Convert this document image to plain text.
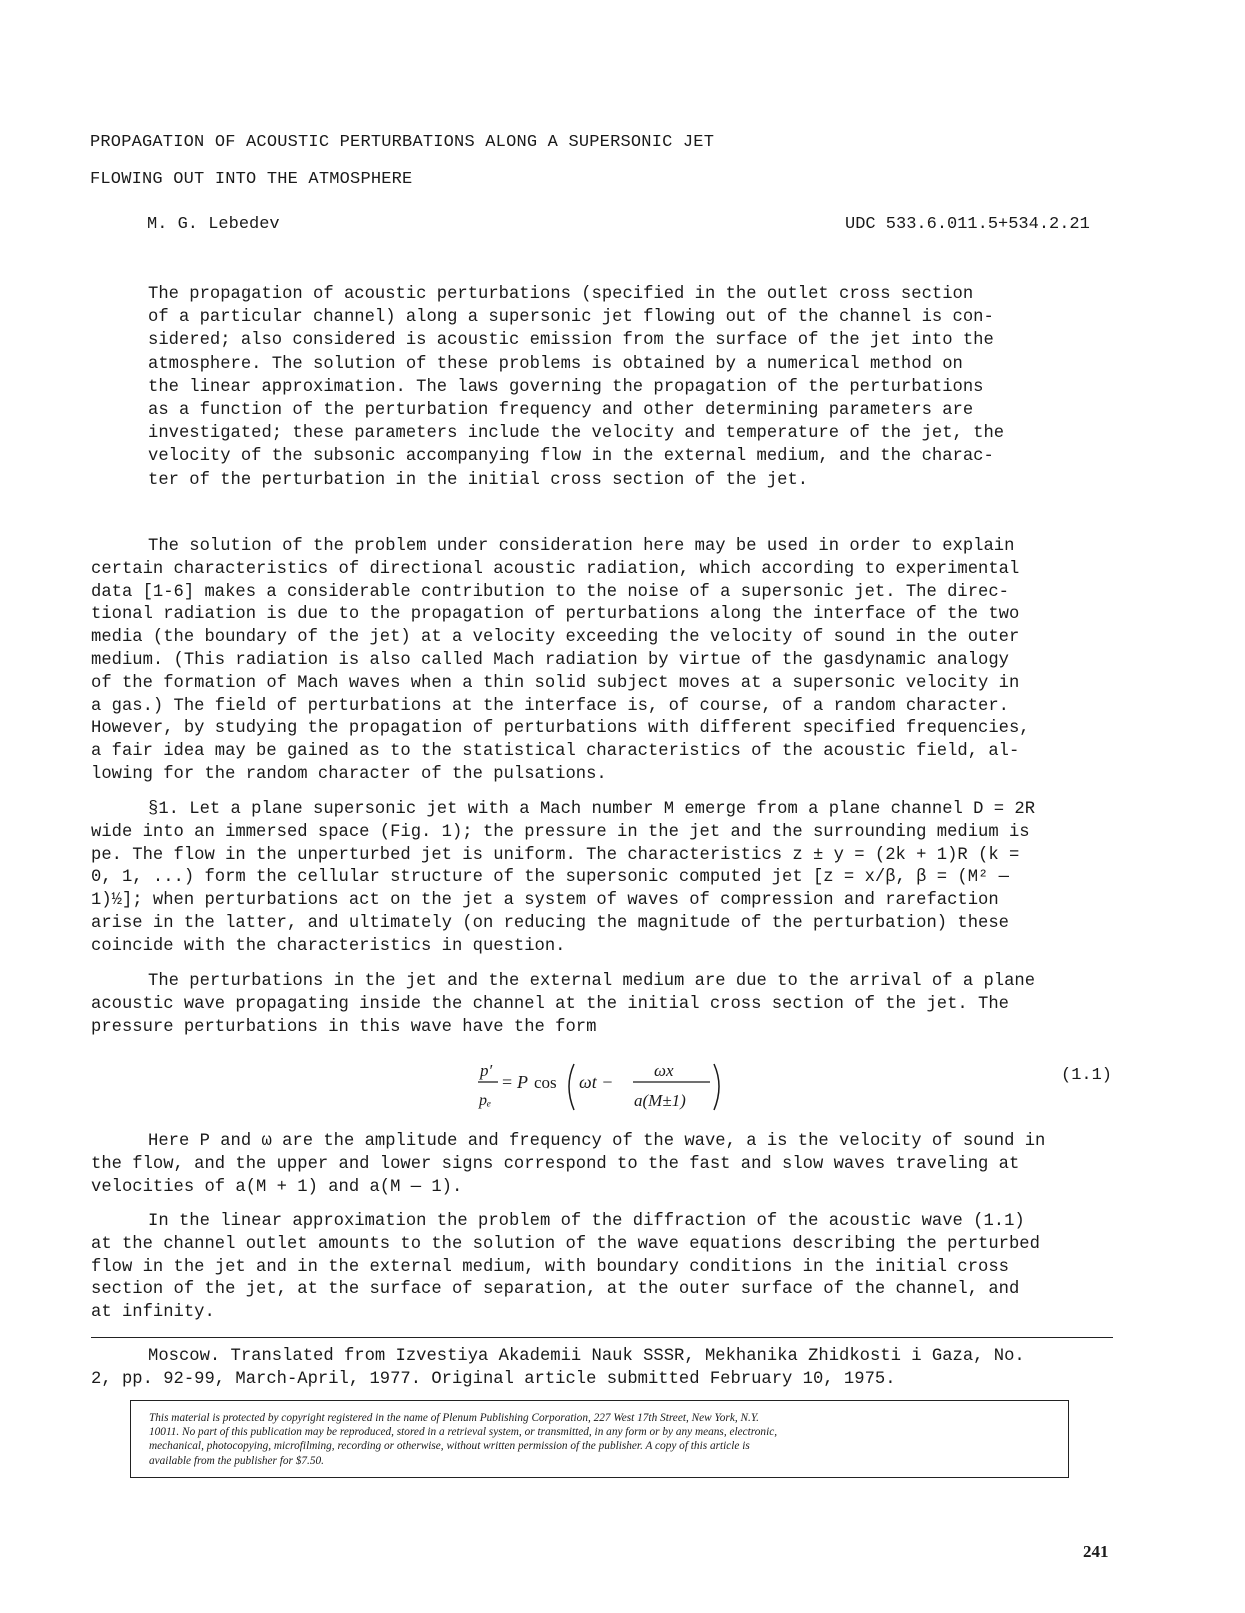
PROPAGATION OF ACOUSTIC PERTURBATIONS ALONG A SUPERSONIC JET
FLOWING OUT INTO THE ATMOSPHERE
M. G. Lebedev	UDC 533.6.011.5+534.2.21
The propagation of acoustic perturbations (specified in the outlet cross section
of a particular channel) along a supersonic jet flowing out of the channel is con-
sidered; also considered is acoustic emission from the surface of the jet into the
atmosphere. The solution of these problems is obtained by a numerical method on
the linear approximation. The laws governing the propagation of the perturbations
as a function of the perturbation frequency and other determining parameters are
investigated; these parameters include the velocity and temperature of the jet, the
velocity of the subsonic accompanying flow in the external medium, and the charac-
ter of the perturbation in the initial cross section of the jet.
The solution of the problem under consideration here may be used in order to explain
certain characteristics of directional acoustic radiation, which according to experimental
data [1-6] makes a considerable contribution to the noise of a supersonic jet. The direc-
tional radiation is due to the propagation of perturbations along the interface of the two
media (the boundary of the jet) at a velocity exceeding the velocity of sound in the outer
medium. (This radiation is also called Mach radiation by virtue of the gasdynamic analogy
of the formation of Mach waves when a thin solid subject moves at a supersonic velocity in
a gas.) The field of perturbations at the interface is, of course, of a random character.
However, by studying the propagation of perturbations with different specified frequencies,
a fair idea may be gained as to the statistical characteristics of the acoustic field, al-
lowing for the random character of the pulsations.
§1. Let a plane supersonic jet with a Mach number M emerge from a plane channel D = 2R
wide into an immersed space (Fig. 1); the pressure in the jet and the surrounding medium is
pe. The flow in the unperturbed jet is uniform. The characteristics z ± y = (2k + 1)R (k =
0, 1, ...) form the cellular structure of the supersonic computed jet [z = x/β, β = (M² —
1)½]; when perturbations act on the jet a system of waves of compression and rarefaction
arise in the latter, and ultimately (on reducing the magnitude of the perturbation) these
coincide with the characteristics in question.
The perturbations in the jet and the external medium are due to the arrival of a plane
acoustic wave propagating inside the channel at the initial cross section of the jet. The
pressure perturbations in this wave have the form
p′
pₑ
= P cos ωt −
ωx
a(M±1)
(1.1)
Here P and ω are the amplitude and frequency of the wave, a is the velocity of sound in
the flow, and the upper and lower signs correspond to the fast and slow waves traveling at
velocities of a(M + 1) and a(M — 1).
In the linear approximation the problem of the diffraction of the acoustic wave (1.1)
at the channel outlet amounts to the solution of the wave equations describing the perturbed
flow in the jet and in the external medium, with boundary conditions in the initial cross
section of the jet, at the surface of separation, at the outer surface of the channel, and
at infinity.
Moscow. Translated from Izvestiya Akademii Nauk SSSR, Mekhanika Zhidkosti i Gaza, No.
2, pp. 92-99, March-April, 1977. Original article submitted February 10, 1975.
This material is protected by copyright registered in the name of Plenum Publishing Corporation, 227 West 17th Street, New York, N.Y.
10011. No part of this publication may be reproduced, stored in a retrieval system, or transmitted, in any form or by any means, electronic,
mechanical, photocopying, microfilming, recording or otherwise, without written permission of the publisher. A copy of this article is
available from the publisher for $7.50.
241
